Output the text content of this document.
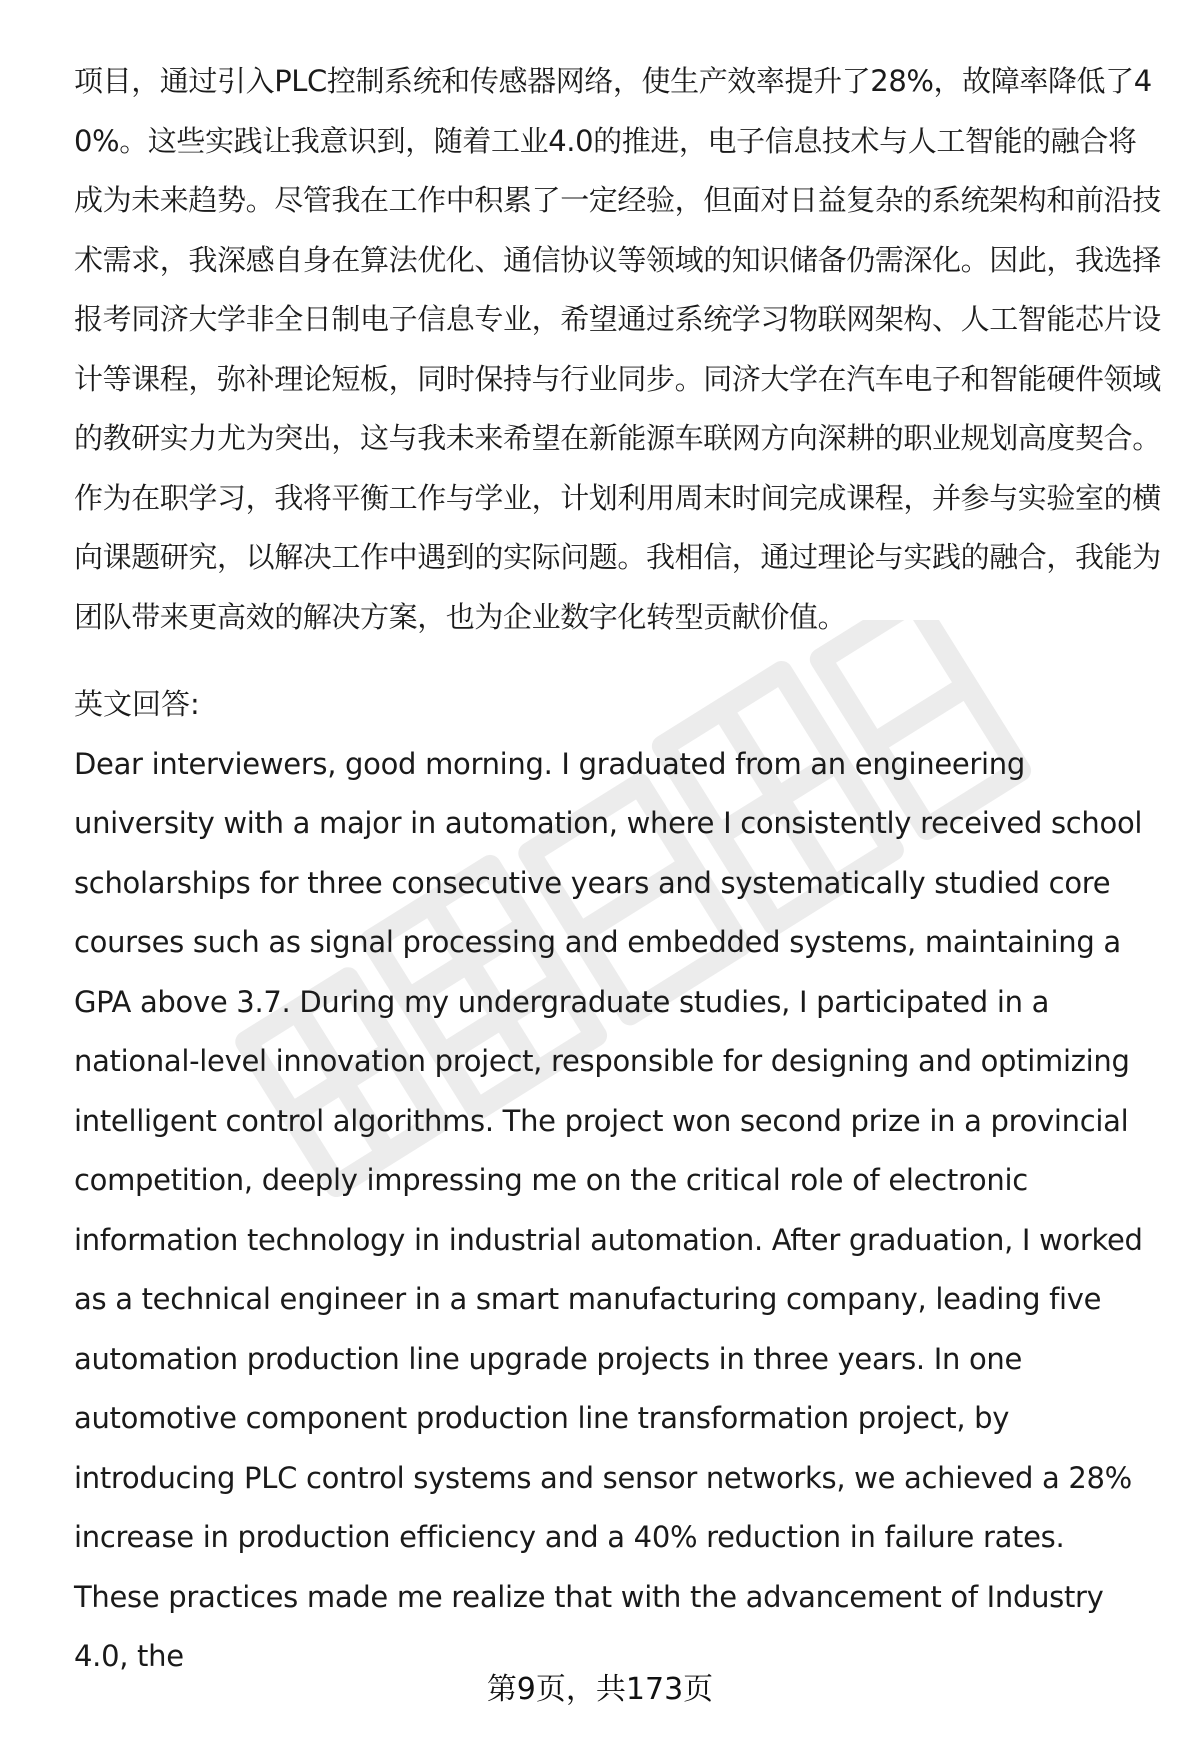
项目，通过引入PLC控制系统和传感器网络，使生产效率提升了28%，故障率降低了40%。这些实践让我意识到，随着工业4.0的推进，电子信息技术与人工智能的融合将成为未来趋势。尽管我在工作中积累了一定经验，但面对日益复杂的系统架构和前沿技术需求，我深感自身在算法优化、通信协议等领域的知识储备仍需深化。因此，我选择报考同济大学非全日制电子信息专业，希望通过系统学习物联网架构、人工智能芯片设计等课程，弥补理论短板，同时保持与行业同步。同济大学在汽车电子和智能硬件领域的教研实力尤为突出，这与我未来希望在新能源车联网方向深耕的职业规划高度契合。作为在职学习，我将平衡工作与学业，计划利用周末时间完成课程，并参与实验室的横向课题研究，以解决工作中遇到的实际问题。我相信，通过理论与实践的融合，我能为团队带来更高效的解决方案，也为企业数字化转型贡献价值。

英文回答:

Dear interviewers, good morning. I graduated from an engineering university with a major in automation, where I consistently received school scholarships for three consecutive years and systematically studied core courses such as signal processing and embedded systems, maintaining a GPA above 3.7. During my undergraduate studies, I participated in a national-level innovation project, responsible for designing and optimizing intelligent control algorithms. The project won second prize in a provincial competition, deeply impressing me on the critical role of electronic information technology in industrial automation. After graduation, I worked as a technical engineer in a smart manufacturing company, leading five automation production line upgrade projects in three years. In one automotive component production line transformation project, by introducing PLC control systems and sensor networks, we achieved a 28% increase in production efficiency and a 40% reduction in failure rates. These practices made me realize that with the advancement of Industry 4.0, the

第9页，共173页
